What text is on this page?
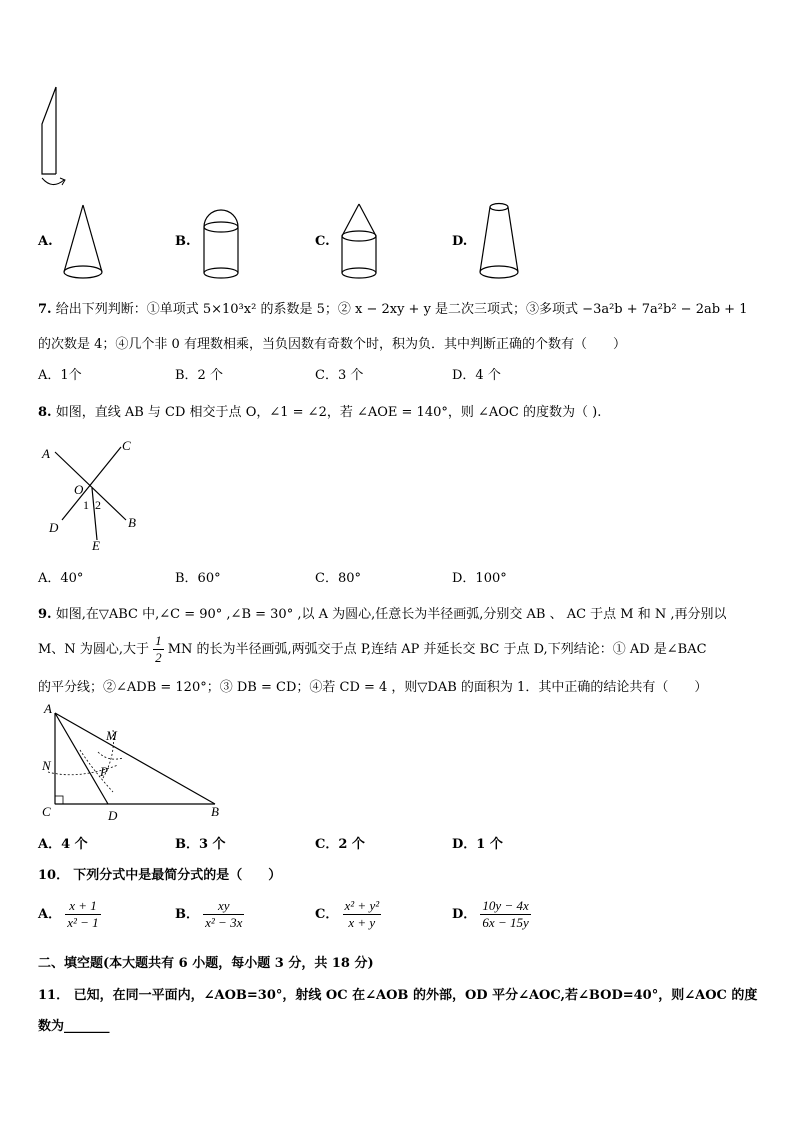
A.	B.	C.	D.
7. 给出下列判断：①单项式 5×10³x² 的系数是 5；② x − 2xy + y 是二次三项式；③多项式 −3a²b + 7a²b² − 2ab + 1
的次数是 4；④几个非 0 有理数相乘，当负因数有奇数个时，积为负．其中判断正确的个数有（　　）
A．1个	B．2 个	C．3 个	D．4 个
8. 如图，直线 AB 与 CD 相交于点 O，∠1 = ∠2，若 ∠AOE = 140°，则 ∠AOC 的度数为（ ).
A
C
O
1 2
B
D
E
A．40°	B．60°	C．80°	D．100°
9. 如图,在▽ABC 中,∠C = 90° ,∠B = 30° ,以 A 为圆心,任意长为半径画弧,分别交 AB 、 AC 于点 M 和 N ,再分别以
M、N 为圆心,大于 $\frac{1}{2}$ MN 的长为半径画弧,两弧交于点 P,连结 AP 并延长交 BC 于点 D,下列结论：① AD 是∠BAC
的平分线；②∠ADB = 120°；③ DB = CD；④若 CD = 4 ，则▽DAB 的面积为 1．其中正确的结论共有（　　）
A
M
N	P
C	D	B
A．4 个	B．3 个	C．2 个	D．1 个
10． 下列分式中是最简分式的是（　　）
A． $\frac{x + 1}{\text{x² − 1}}$	B． $\frac{xy}{\text{x² − 3x}}$	C． $\frac{\text{x² + y²}}{x + y}$	D． $\frac{10y - 4x}{6x - 15y}$
二、填空题(本大题共有 6 小题，每小题 3 分，共 18 分)
11． 已知，在同一平面内，∠AOB=30°，射线 OC 在∠AOB 的外部，OD 平分∠AOC,若∠BOD=40°，则∠AOC 的度
数为_______
